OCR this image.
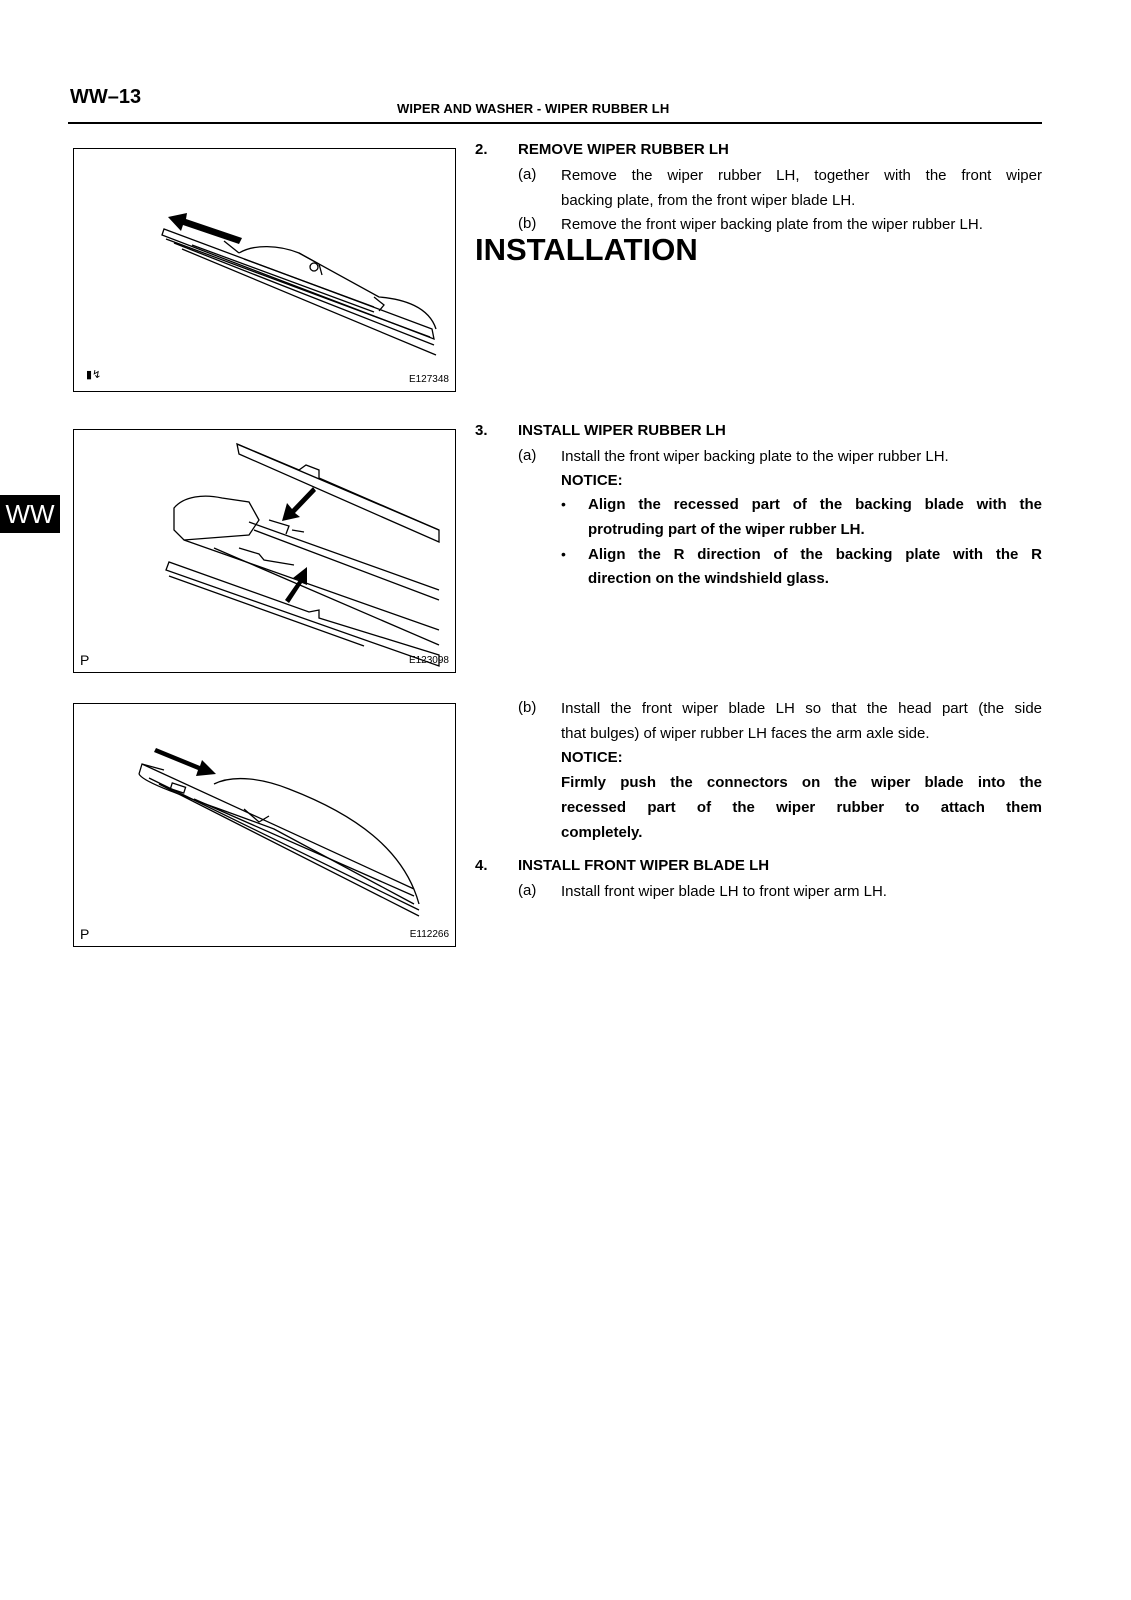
WW–13
WIPER AND WASHER - WIPER RUBBER LH
WW
▮↯	E127348
P	E123098
P	E112266
2. REMOVE WIPER RUBBER LH
(a) Remove the wiper rubber LH, together with the front wiper
backing plate, from the front wiper blade LH.
(b) Remove the front wiper backing plate from the wiper rubber LH.
INSTALLATION
3. INSTALL WIPER RUBBER LH
(a) Install the front wiper backing plate to the wiper rubber LH.
NOTICE:
• Align the recessed part of the backing blade with the
protruding part of the wiper rubber LH.
• Align the R direction of the backing plate with the R
direction on the windshield glass.
(b) Install the front wiper blade LH so that the head part (the side
that bulges) of wiper rubber LH faces the arm axle side.
NOTICE:
Firmly push the connectors on the wiper blade into the
recessed part of the wiper rubber to attach them
completely.
4. INSTALL FRONT WIPER BLADE LH
(a) Install front wiper blade LH to front wiper arm LH.
